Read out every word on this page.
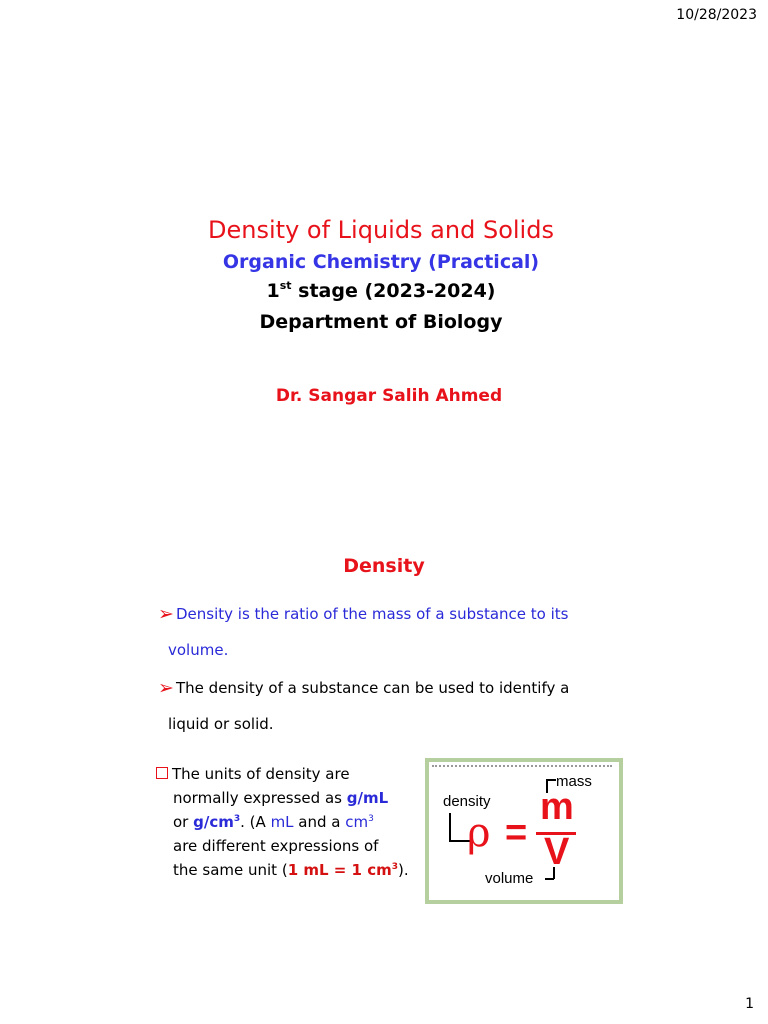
10/28/2023
Density of Liquids and Solids
Organic Chemistry (Practical)
1st stage (2023-2024)
Department of Biology
Dr. Sangar Salih Ahmed
Density
➢ Density is the ratio of the mass of a substance to its
volume.
➢ The density of a substance can be used to identify a
liquid or solid.
The units of density are
normally expressed as g/mL
or $g/cm^3$. (A mL and a $cm^3$
are different expressions of
the same unit (1 mL = 1 $cm^3$).
density
mass
volume
ρ =
m
V
1
